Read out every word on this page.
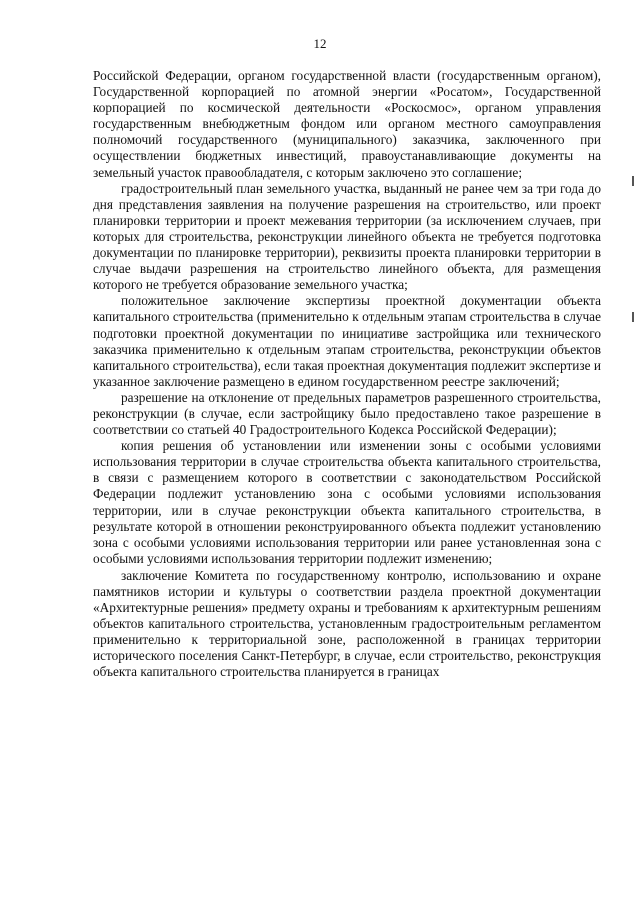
12

Российской Федерации, органом государственной власти (государственным органом), Государственной корпорацией по атомной энергии «Росатом», Государственной корпорацией по космической деятельности «Роскосмос», органом управления государственным внебюджетным фондом или органом местного самоуправления полномочий государственного (муниципального) заказчика, заключенного при осуществлении бюджетных инвестиций, правоустанавливающие документы на земельный участок правообладателя, с которым заключено это соглашение;

градостроительный план земельного участка, выданный не ранее чем за три года до дня представления заявления на получение разрешения на строительство, или проект планировки территории и проект межевания территории (за исключением случаев, при которых для строительства, реконструкции линейного объекта не требуется подготовка документации по планировке территории), реквизиты проекта планировки территории в случае выдачи разрешения на строительство линейного объекта, для размещения которого не требуется образование земельного участка;

положительное заключение экспертизы проектной документации объекта капитального строительства (применительно к отдельным этапам строительства в случае подготовки проектной документации по инициативе застройщика или технического заказчика применительно к отдельным этапам строительства, реконструкции объектов капитального строительства), если такая проектная документация подлежит экспертизе и указанное заключение размещено в едином государственном реестре заключений;

разрешение на отклонение от предельных параметров разрешенного строительства, реконструкции (в случае, если застройщику было предоставлено такое разрешение в соответствии со статьей 40 Градостроительного Кодекса Российской Федерации);

копия решения об установлении или изменении зоны с особыми условиями использования территории в случае строительства объекта капитального строительства, в связи с размещением которого в соответствии с законодательством Российской Федерации подлежит установлению зона с особыми условиями использования территории, или в случае реконструкции объекта капитального строительства, в результате которой в отношении реконструированного объекта подлежит установлению зона с особыми условиями использования территории или ранее установленная зона с особыми условиями использования территории подлежит изменению;

заключение Комитета по государственному контролю, использованию и охране памятников истории и культуры о соответствии раздела проектной документации «Архитектурные решения» предмету охраны и требованиям к архитектурным решениям объектов капитального строительства, установленным градостроительным регламентом применительно к территориальной зоне, расположенной в границах территории исторического поселения Санкт-Петербург, в случае, если строительство, реконструкция объекта капитального строительства планируется в границах
